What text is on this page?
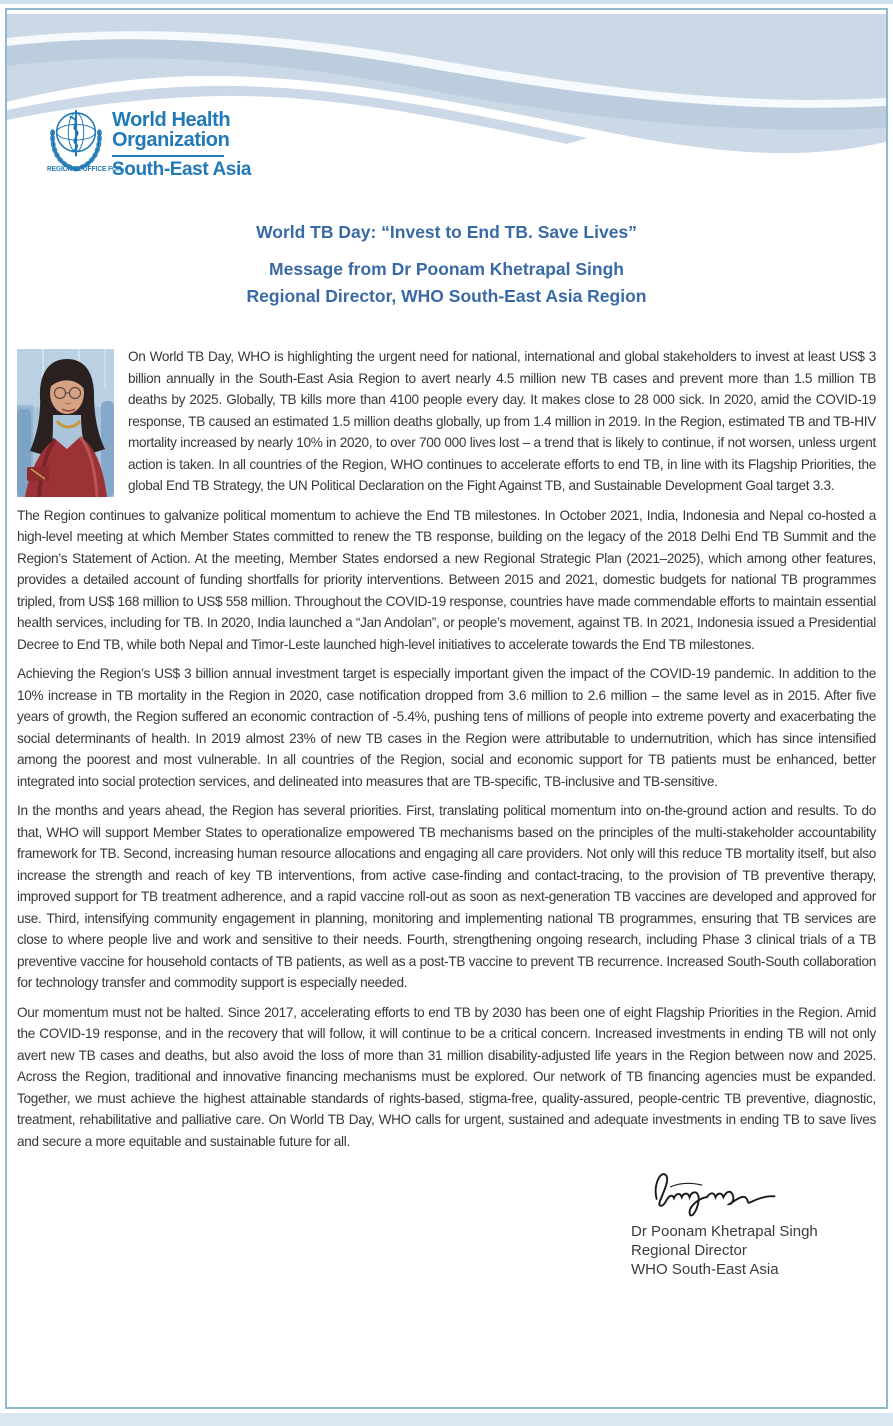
World Health
Organization
REGIONAL OFFICE FOR
South-East Asia
World TB Day: “Invest to End TB. Save Lives”
Message from Dr Poonam Khetrapal Singh
Regional Director, WHO South-East Asia Region
On World TB Day, WHO is highlighting the urgent need for national, international and global stakeholders to invest at least US$ 3 billion annually in the South-East Asia Region to avert nearly 4.5 million new TB cases and prevent more than 1.5 million TB deaths by 2025. Globally, TB kills more than 4100 people every day. It makes close to 28 000 sick. In 2020, amid the COVID-19 response, TB caused an estimated 1.5 million deaths globally, up from 1.4 million in 2019. In the Region, estimated TB and TB-HIV mortality increased by nearly 10% in 2020, to over 700 000 lives lost – a trend that is likely to continue, if not worsen, unless urgent action is taken. In all countries of the Region, WHO continues to accelerate efforts to end TB, in line with its Flagship Priorities, the global End TB Strategy, the UN Political Declaration on the Fight Against TB, and Sustainable Development Goal target 3.3.

The Region continues to galvanize political momentum to achieve the End TB milestones. In October 2021, India, Indonesia and Nepal co-hosted a high-level meeting at which Member States committed to renew the TB response, building on the legacy of the 2018 Delhi End TB Summit and the Region’s Statement of Action. At the meeting, Member States endorsed a new Regional Strategic Plan (2021–2025), which among other features, provides a detailed account of funding shortfalls for priority interventions. Between 2015 and 2021, domestic budgets for national TB programmes tripled, from US$ 168 million to US$ 558 million. Throughout the COVID-19 response, countries have made commendable efforts to maintain essential health services, including for TB. In 2020, India launched a “Jan Andolan”, or people’s movement, against TB. In 2021, Indonesia issued a Presidential Decree to End TB, while both Nepal and Timor-Leste launched high-level initiatives to accelerate towards the End TB milestones.

Achieving the Region’s US$ 3 billion annual investment target is especially important given the impact of the COVID-19 pandemic. In addition to the 10% increase in TB mortality in the Region in 2020, case notification dropped from 3.6 million to 2.6 million – the same level as in 2015. After five years of growth, the Region suffered an economic contraction of -5.4%, pushing tens of millions of people into extreme poverty and exacerbating the social determinants of health. In 2019 almost 23% of new TB cases in the Region were attributable to undernutrition, which has since intensified among the poorest and most vulnerable. In all countries of the Region, social and economic support for TB patients must be enhanced, better integrated into social protection services, and delineated into measures that are TB-specific, TB-inclusive and TB-sensitive.

In the months and years ahead, the Region has several priorities. First, translating political momentum into on-the-ground action and results. To do that, WHO will support Member States to operationalize empowered TB mechanisms based on the principles of the multi-stakeholder accountability framework for TB. Second, increasing human resource allocations and engaging all care providers. Not only will this reduce TB mortality itself, but also increase the strength and reach of key TB interventions, from active case-finding and contact-tracing, to the provision of TB preventive therapy, improved support for TB treatment adherence, and a rapid vaccine roll-out as soon as next-generation TB vaccines are developed and approved for use. Third, intensifying community engagement in planning, monitoring and implementing national TB programmes, ensuring that TB services are close to where people live and work and sensitive to their needs. Fourth, strengthening ongoing research, including Phase 3 clinical trials of a TB preventive vaccine for household contacts of TB patients, as well as a post-TB vaccine to prevent TB recurrence. Increased South-South collaboration for technology transfer and commodity support is especially needed.

Our momentum must not be halted. Since 2017, accelerating efforts to end TB by 2030 has been one of eight Flagship Priorities in the Region. Amid the COVID-19 response, and in the recovery that will follow, it will continue to be a critical concern. Increased investments in ending TB will not only avert new TB cases and deaths, but also avoid the loss of more than 31 million disability-adjusted life years in the Region between now and 2025. Across the Region, traditional and innovative financing mechanisms must be explored. Our network of TB financing agencies must be expanded. Together, we must achieve the highest attainable standards of rights-based, stigma-free, quality-assured, people-centric TB preventive, diagnostic, treatment, rehabilitative and palliative care. On World TB Day, WHO calls for urgent, sustained and adequate investments in ending TB to save lives and secure a more equitable and sustainable future for all.

Dr Poonam Khetrapal Singh
Regional Director
WHO South-East Asia
